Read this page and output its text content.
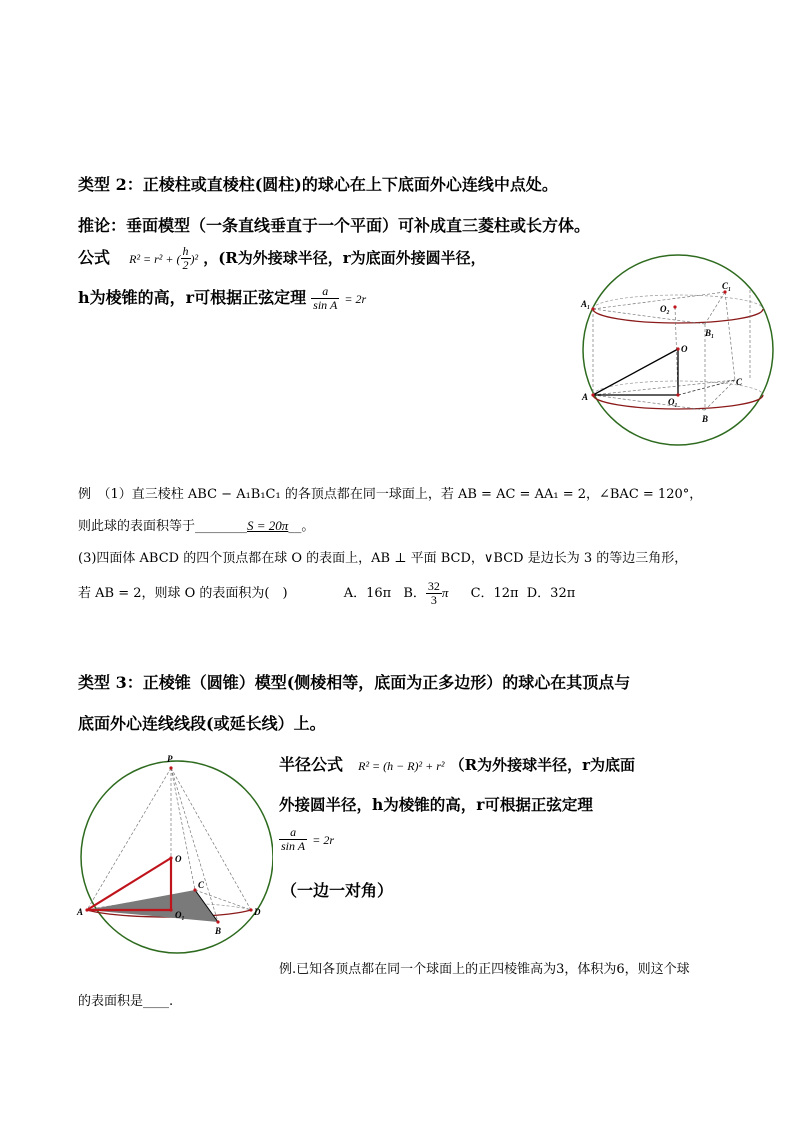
类型 2：正棱柱或直棱柱(圆柱)的球心在上下底面外心连线中点处。
推论：垂面模型（一条直线垂直于一个平面）可补成直三菱柱或长方体。
公式 R² = r² + ( $\frac{h}{2} )^2$ ，(R为外接球半径，r为底面外接圆半径，
h为棱锥的高，r可根据正弦定理 $\frac{a}{\text{sin A}} = 2r$	A₁
C₁
O₂
B₁
O
A	O₁
C
B
例　（1）直三棱柱 ABC − A₁B₁C₁ 的各顶点都在同一球面上，若 AB = AC = AA₁ = 2，∠BAC = 120°，
则此球的表面积等于________S = 20π__。
(3)四面体 ABCD 的四个顶点都在球 O 的表面上，AB ⊥ 平面 BCD，∨BCD 是边长为 3 的等边三角形，
若 AB = 2，则球 O 的表面积为(　)	A．16π B． $\frac{32}{3}$ π C．12π D．32π
类型 3：正棱锥（圆锥）模型(侧棱相等，底面为正多边形）的球心在其顶点与
底面外心连线线段(或延长线）上。
半径公式 R² = (h − R)² + r² （R为外接球半径，r为底面
外接圆半径，h为棱锥的高，r可根据正弦定理
$\frac{a}{\text{sin A}} = 2r$
（一边一对角）
P
O
C
A	O₁	D
B
例.已知各顶点都在同一个球面上的正四棱锥高为3，体积为6，则这个球
的表面积是____.
